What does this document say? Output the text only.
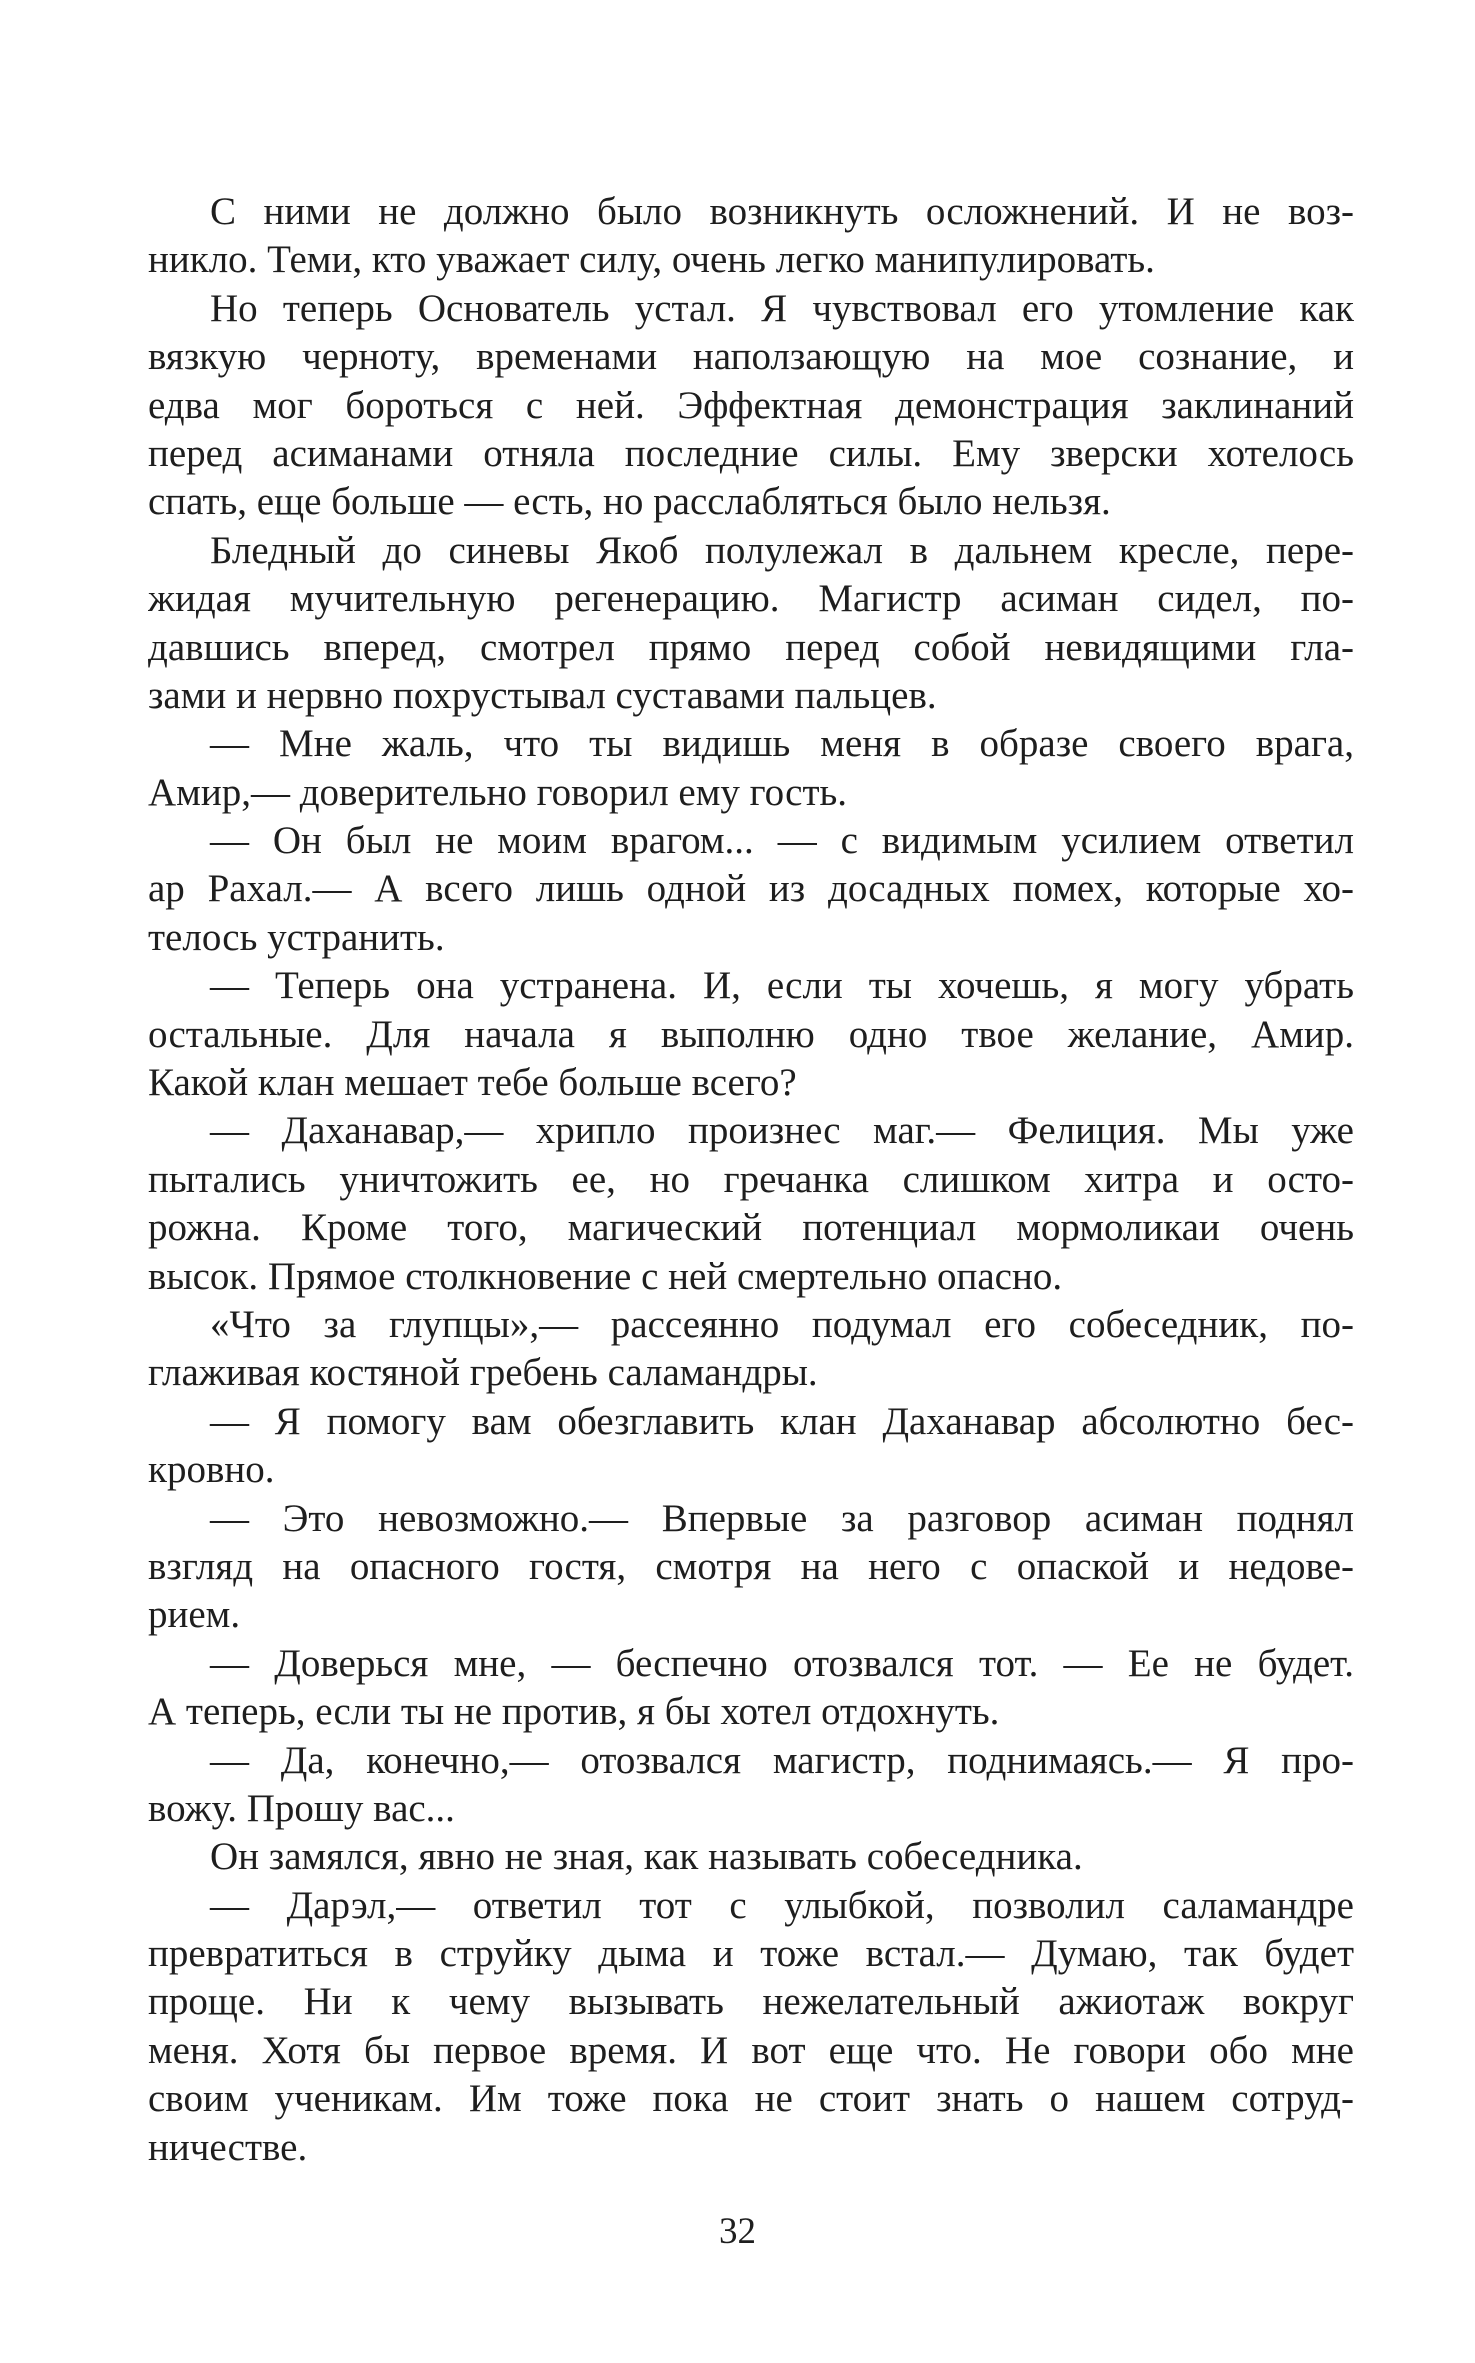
С ними не должно было возникнуть осложнений. И не воз-
никло. Теми, кто уважает силу, очень легко манипулировать.
Но теперь Основатель устал. Я чувствовал его утомление как
вязкую черноту, временами наползающую на мое сознание, и
едва мог бороться с ней. Эффектная демонстрация заклинаний
перед асиманами отняла последние силы. Ему зверски хотелось
спать, еще больше — есть, но расслабляться было нельзя.
Бледный до синевы Якоб полулежал в дальнем кресле, пере-
жидая мучительную регенерацию. Магистр асиман сидел, по-
давшись вперед, смотрел прямо перед собой невидящими гла-
зами и нервно похрустывал суставами пальцев.
— Мне жаль, что ты видишь меня в образе своего врага,
Амир,— доверительно говорил ему гость.
— Он был не моим врагом... — с видимым усилием ответил
ар Рахал.— А всего лишь одной из досадных помех, которые хо-
телось устранить.
— Теперь она устранена. И, если ты хочешь, я могу убрать
остальные. Для начала я выполню одно твое желание, Амир.
Какой клан мешает тебе больше всего?
— Даханавар,— хрипло произнес маг.— Фелиция. Мы уже
пытались уничтожить ее, но гречанка слишком хитра и осто-
рожна. Кроме того, магический потенциал мормоликаи очень
высок. Прямое столкновение с ней смертельно опасно.
«Что за глупцы»,— рассеянно подумал его собеседник, по-
глаживая костяной гребень саламандры.
— Я помогу вам обезглавить клан Даханавар абсолютно бес-
кровно.
— Это невозможно.— Впервые за разговор асиман поднял
взгляд на опасного гостя, смотря на него с опаской и недове-
рием.
— Доверься мне, — беспечно отозвался тот. — Ее не будет.
А теперь, если ты не против, я бы хотел отдохнуть.
— Да, конечно,— отозвался магистр, поднимаясь.— Я про-
вожу. Прошу вас...
Он замялся, явно не зная, как называть собеседника.
— Дарэл,— ответил тот с улыбкой, позволил саламандре
превратиться в струйку дыма и тоже встал.— Думаю, так будет
проще. Ни к чему вызывать нежелательный ажиотаж вокруг
меня. Хотя бы первое время. И вот еще что. Не говори обо мне
своим ученикам. Им тоже пока не стоит знать о нашем сотруд-
ничестве.
32
